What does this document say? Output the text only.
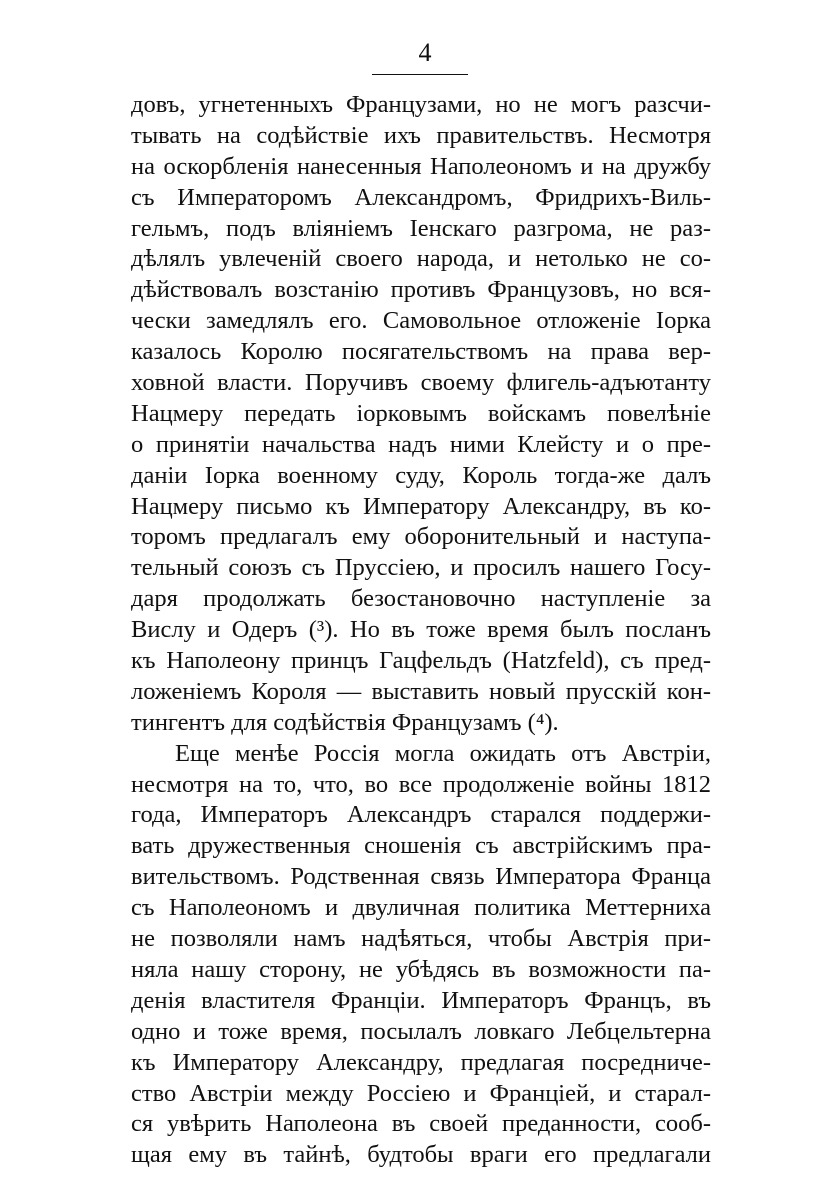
4
довъ, угнетенныхъ Французами, но не могъ разсчи-
тывать на содѣйствіе ихъ правительствъ. Несмотря
на оскорбленія нанесенныя Наполеономъ и на дружбу
съ Императоромъ Александромъ, Фридрихъ-Виль-
гельмъ, подъ вліяніемъ Іенскаго разгрома, не раз-
дѣлялъ увлеченій своего народа, и нетолько не со-
дѣйствовалъ возстанію противъ Французовъ, но вся-
чески замедлялъ его. Самовольное отложеніе Іорка
казалось Королю посягательствомъ на права вер-
ховной власти. Поручивъ своему флигель-адъютанту
Нацмеру передать іорковымъ войскамъ повелѣніе
о принятіи начальства надъ ними Клейсту и о пре-
даніи Іорка военному суду, Король тогда-же далъ
Нацмеру письмо къ Императору Александру, въ ко-
торомъ предлагалъ ему оборонительный и наступа-
тельный союзъ съ Пруссіею, и просилъ нашего Госу-
даря продолжать безостановочно наступленіе за
Вислу и Одеръ (³). Но въ тоже время былъ посланъ
къ Наполеону принцъ Гацфельдъ (Hatzfeld), съ пред-
ложеніемъ Короля — выставить новый прусскій кон-
тингентъ для содѣйствія Французамъ (⁴).
Еще менѣе Россія могла ожидать отъ Австріи,
несмотря на то, что, во все продолженіе войны 1812
года, Императоръ Александръ старался поддержи-
вать дружественныя сношенія съ австрійскимъ пра-
вительствомъ. Родственная связь Императора Франца
съ Наполеономъ и двуличная политика Меттерниха
не позволяли намъ надѣяться, чтобы Австрія при-
няла нашу сторону, не убѣдясь въ возможности па-
денія властителя Франціи. Императоръ Францъ, въ
одно и тоже время, посылалъ ловкаго Лебцельтерна
къ Императору Александру, предлагая посредниче-
ство Австріи между Россіею и Франціей, и старал-
ся увѣрить Наполеона въ своей преданности, сооб-
щая ему въ тайнѣ, будтобы враги его предлагали
